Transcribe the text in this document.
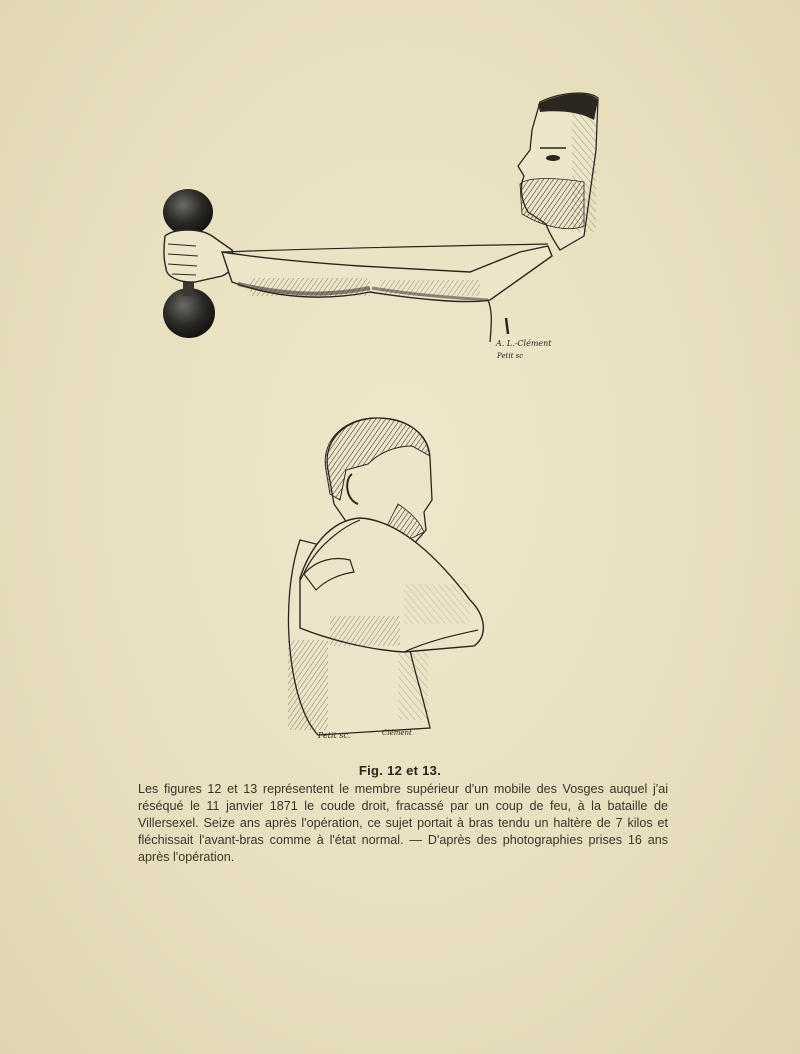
A. L.-Clément
Petit sc
Petit sc.	Clément
Fig. 12 et 13.
Les figures 12 et 13 représentent le membre supérieur d'un mobile des Vosges auquel j'ai réséqué le 11 janvier 1871 le coude droit, fracassé par un coup de feu, à la bataille de Villersexel. Seize ans après l'opération, ce sujet portait à bras tendu un haltère de 7 kilos et fléchissait l'avant-bras comme à l'état normal. — D'après des photographies prises 16 ans après l'opération.
